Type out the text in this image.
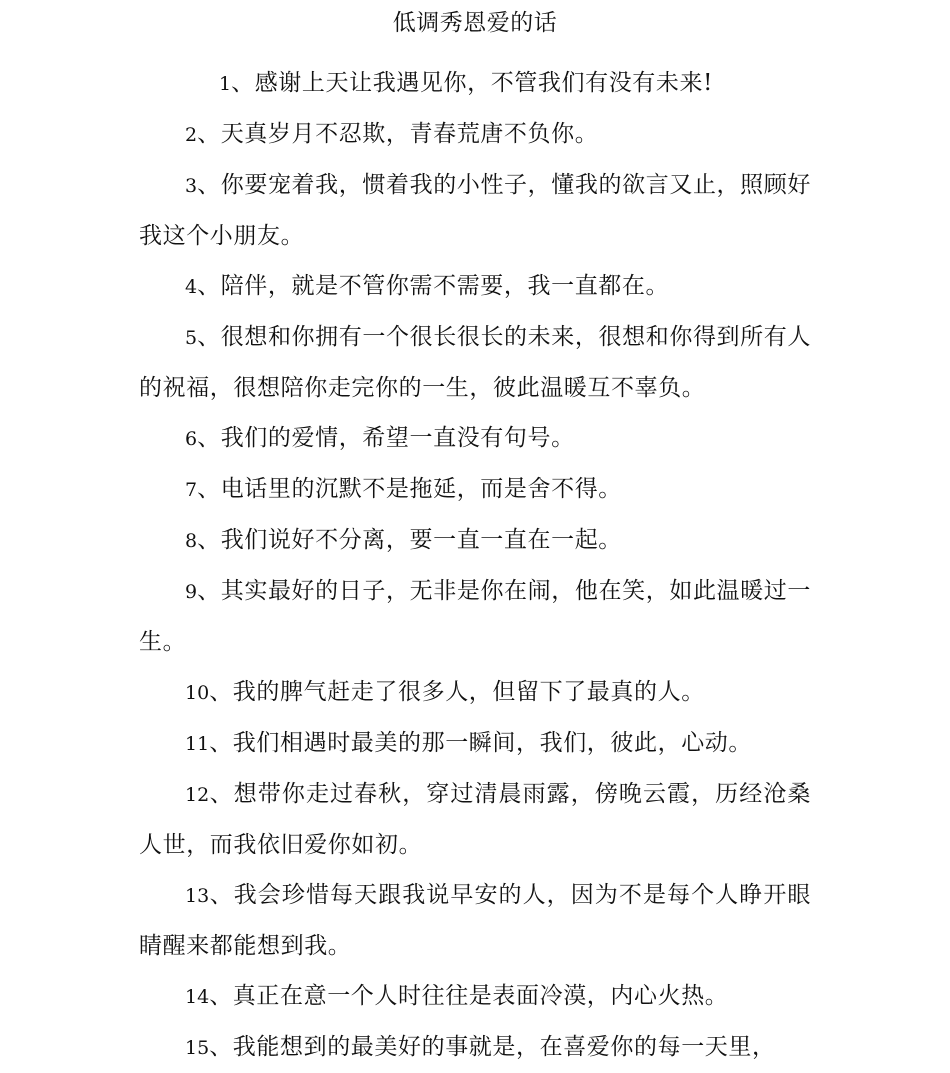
低调秀恩爱的话

1、感谢上天让我遇见你，不管我们有没有未来!

2、天真岁月不忍欺，青春荒唐不负你。

3、你要宠着我，惯着我的小性子，懂我的欲言又止，照顾好我这个小朋友。

4、陪伴，就是不管你需不需要，我一直都在。

5、很想和你拥有一个很长很长的未来，很想和你得到所有人的祝福，很想陪你走完你的一生，彼此温暖互不辜负。

6、我们的爱情，希望一直没有句号。

7、电话里的沉默不是拖延，而是舍不得。

8、我们说好不分离，要一直一直在一起。

9、其实最好的日子，无非是你在闹，他在笑，如此温暖过一生。

10、我的脾气赶走了很多人，但留下了最真的人。

11、我们相遇时最美的那一瞬间，我们，彼此，心动。

12、想带你走过春秋，穿过清晨雨露，傍晚云霞，历经沧桑人世，而我依旧爱你如初。

13、我会珍惜每天跟我说早安的人，因为不是每个人睁开眼睛醒来都能想到我。

14、真正在意一个人时往往是表面冷漠，内心火热。

15、我能想到的最美好的事就是，在喜爱你的每一天里，
